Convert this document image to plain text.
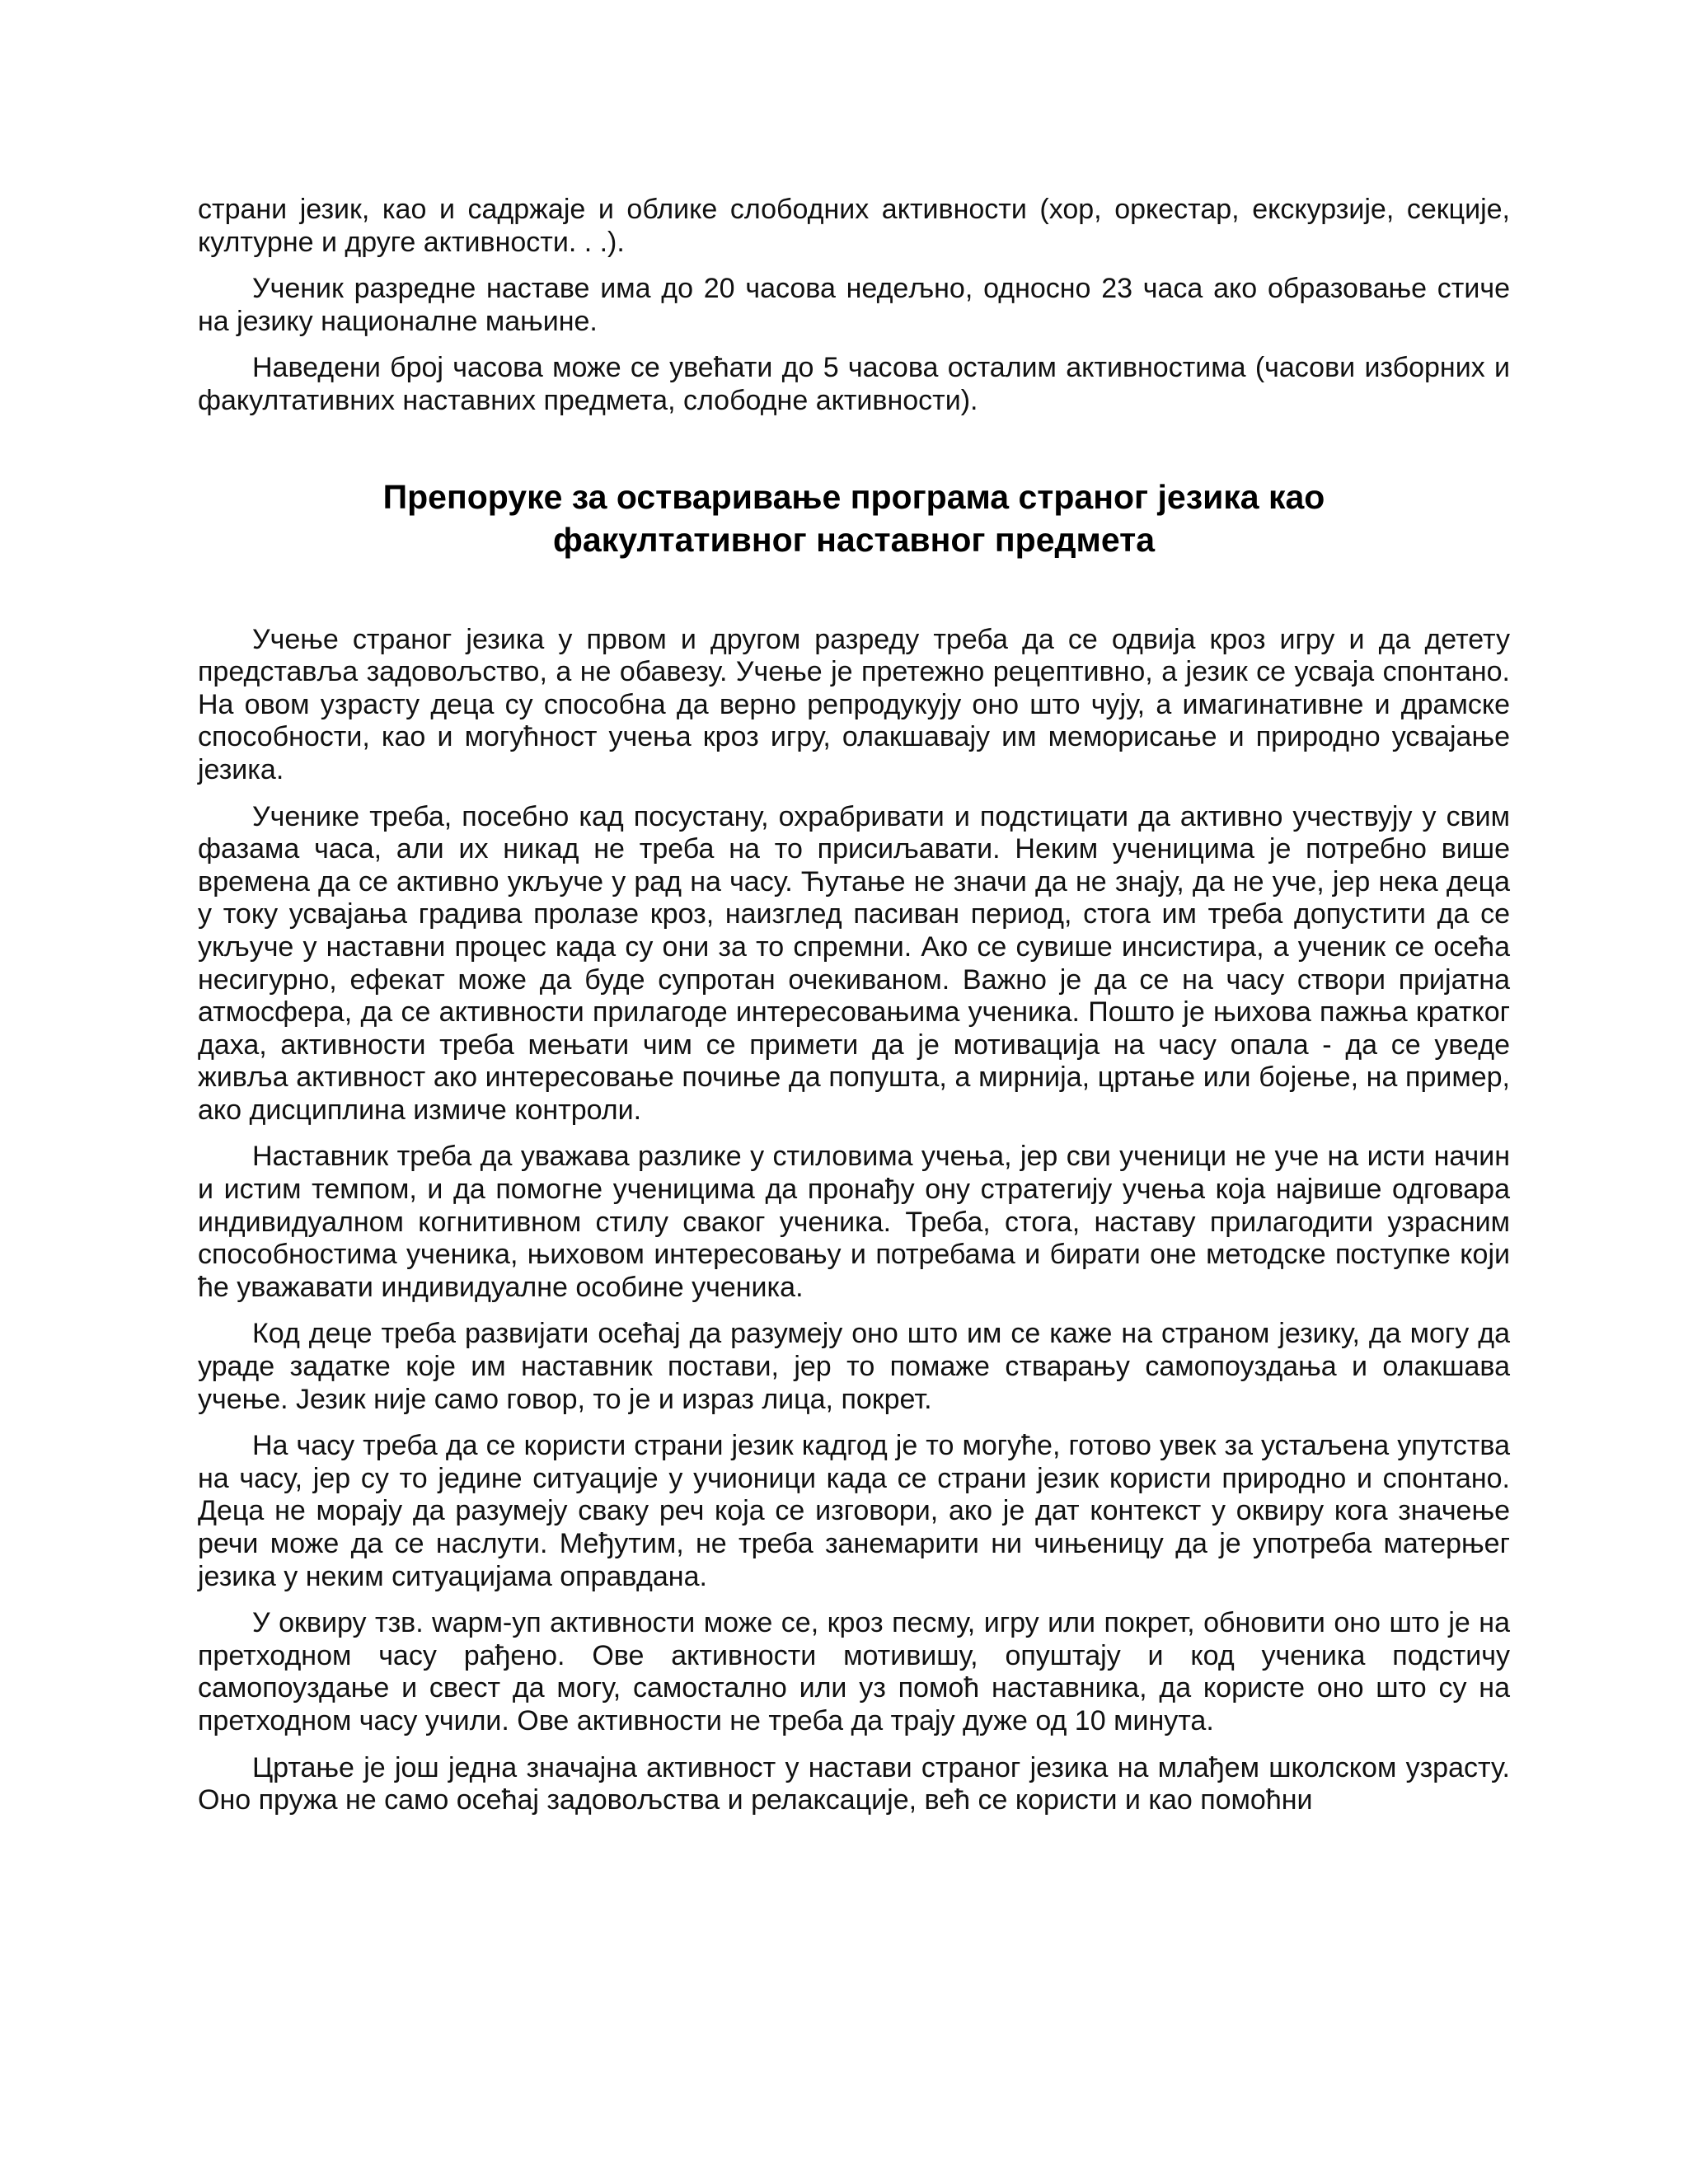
страни језик, као и садржаје и облике слободних активности (хор, оркестар, екскурзије, секције, културне и друге активности. . .).

Ученик разредне наставе има до 20 часова недељно, односно 23 часа ако образовање стиче на језику националне мањине.

Наведени број часова може се увећати до 5 часова осталим активностима (часови изборних и факултативних наставних предмета, слободне активности).

Препоруке за остваривање програма страног језика као
факултативног наставног предмета

Учење страног језика у првом и другом разреду треба да се одвија кроз игру и да детету представља задовољство, а не обавезу. Учење је претежно рецептивно, а језик се усваја спонтано. На овом узрасту деца су способна да верно репродукују оно што чују, а имагинативне и драмске способности, као и могућност учења кроз игру, олакшавају им меморисање и природно усвајање језика.

Ученике треба, посебно кад посустану, охрабривати и подстицати да активно учествују у свим фазама часа, али их никад не треба на то присиљавати. Неким ученицима је потребно више времена да се активно укључе у рад на часу. Ћутање не значи да не знају, да не уче, јер нека деца у току усвајања градива пролазе кроз, наизглед пасиван период, стога им треба допустити да се укључе у наставни процес када су они за то спремни. Ако се сувише инсистира, а ученик се осећа несигурно, ефекат може да буде супротан очекиваном. Важно је да се на часу створи пријатна атмосфера, да се активности прилагоде интересовањима ученика. Пошто је њихова пажња кратког даха, активности треба мењати чим се примети да је мотивација на часу опала - да се уведе живља активност ако интересовање почиње да попушта, а мирнија, цртање или бојење, на пример, ако дисциплина измиче контроли.

Наставник треба да уважава разлике у стиловима учења, јер сви ученици не уче на исти начин и истим темпом, и да помогне ученицима да пронађу ону стратегију учења која највише одговара индивидуалном когнитивном стилу сваког ученика. Треба, стога, наставу прилагодити узрасним способностима ученика, њиховом интересовању и потребама и бирати оне методске поступке који ће уважавати индивидуалне особине ученика.

Код деце треба развијати осећај да разумеју оно што им се каже на страном језику, да могу да ураде задатке које им наставник постави, јер то помаже стварању самопоуздања и олакшава учење. Језик није само говор, то је и израз лица, покрет.

На часу треба да се користи страни језик кадгод је то могуће, готово увек за устаљена упутства на часу, јер су то једине ситуације у учионици када се страни језик користи природно и спонтано. Деца не морају да разумеју сваку реч која се изговори, ако је дат контекст у оквиру кога значење речи може да се наслути. Међутим, не треба занемарити ни чињеницу да је употреба матерњег језика у неким ситуацијама оправдана.

У оквиру тзв. wарм-уп активности може се, кроз песму, игру или покрет, обновити оно што је на претходном часу рађено. Ове активности мотивишу, опуштају и код ученика подстичу самопоуздање и свест да могу, самостално или уз помоћ наставника, да користе оно што су на претходном часу учили. Ове активности не треба да трају дуже од 10 минута.

Цртање је још једна значајна активност у настави страног језика на млађем школском узрасту. Оно пружа не само осећај задовољства и релаксације, већ се користи и као помоћни
